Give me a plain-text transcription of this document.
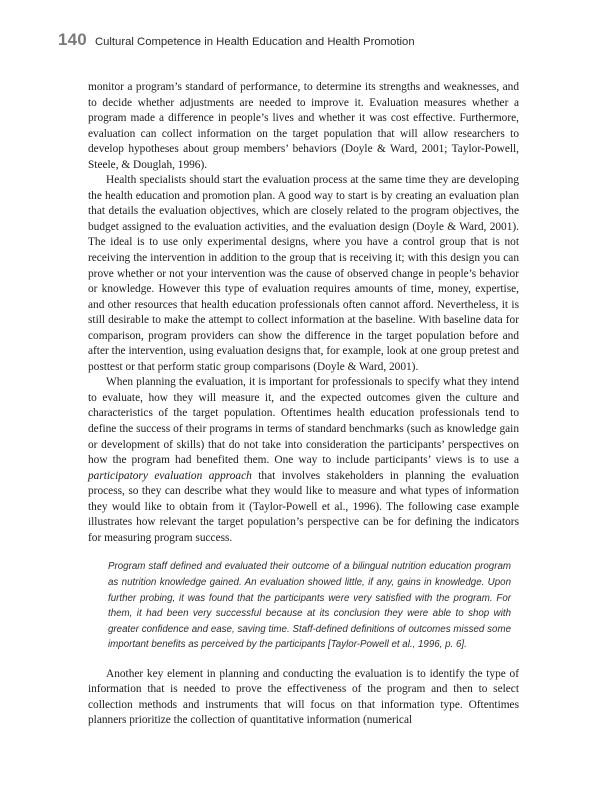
140 Cultural Competence in Health Education and Health Promotion

monitor a program’s standard of performance, to determine its strengths and weaknesses, and to decide whether adjustments are needed to improve it. Evaluation measures whether a program made a difference in people’s lives and whether it was cost effective. Furthermore, evaluation can collect information on the target population that will allow researchers to develop hypotheses about group members’ behaviors (Doyle & Ward, 2001; Taylor-Powell, Steele, & Douglah, 1996).

Health specialists should start the evaluation process at the same time they are developing the health education and promotion plan. A good way to start is by creating an evaluation plan that details the evaluation objectives, which are closely related to the program objectives, the budget assigned to the evaluation activities, and the evaluation design (Doyle & Ward, 2001). The ideal is to use only experimental designs, where you have a control group that is not receiving the intervention in addition to the group that is receiving it; with this design you can prove whether or not your intervention was the cause of observed change in people’s behavior or knowledge. However this type of evaluation requires amounts of time, money, expertise, and other resources that health education professionals often cannot afford. Nevertheless, it is still desirable to make the attempt to collect information at the baseline. With baseline data for comparison, program providers can show the difference in the target population before and after the intervention, using evaluation designs that, for example, look at one group pretest and posttest or that perform static group comparisons (Doyle & Ward, 2001).

When planning the evaluation, it is important for professionals to specify what they intend to evaluate, how they will measure it, and the expected outcomes given the culture and characteristics of the target population. Oftentimes health education professionals tend to define the success of their programs in terms of standard benchmarks (such as knowledge gain or development of skills) that do not take into consideration the participants’ perspectives on how the program had benefited them. One way to include participants’ views is to use a participatory evaluation approach that involves stakeholders in planning the evaluation process, so they can describe what they would like to measure and what types of information they would like to obtain from it (Taylor-Powell et al., 1996). The following case example illustrates how relevant the target population’s perspective can be for defining the indicators for measuring program success.

Program staff defined and evaluated their outcome of a bilingual nutrition education program as nutrition knowledge gained. An evaluation showed little, if any, gains in knowledge. Upon further probing, it was found that the participants were very satisfied with the program. For them, it had been very successful because at its conclusion they were able to shop with greater confidence and ease, saving time. Staff-defined definitions of outcomes missed some important benefits as perceived by the participants [Taylor-Powell et al., 1996, p. 6].

Another key element in planning and conducting the evaluation is to identify the type of information that is needed to prove the effectiveness of the program and then to select collection methods and instruments that will focus on that information type. Oftentimes planners prioritize the collection of quantitative information (numerical
